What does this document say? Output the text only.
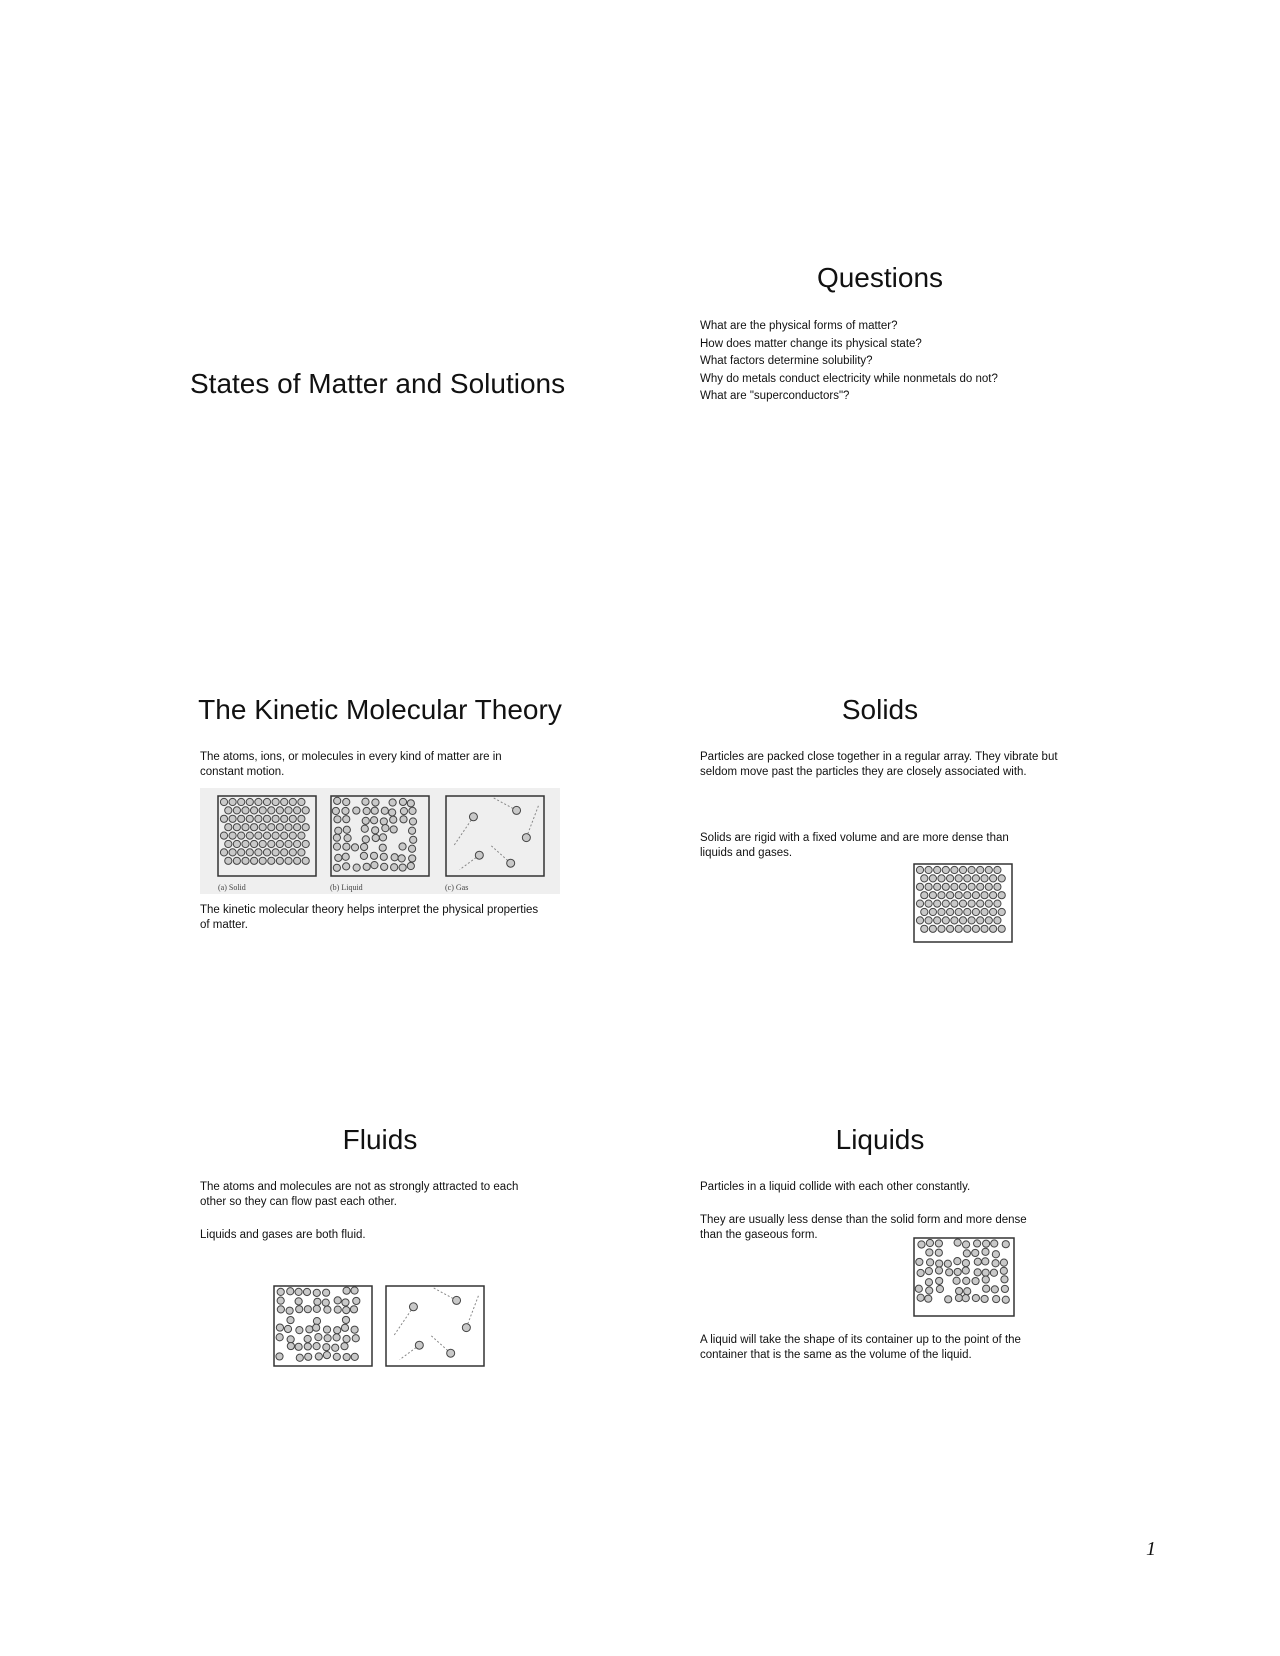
States of Matter and Solutions
Questions
What are the physical forms of matter?
How does matter change its physical state?
What factors determine solubility?
Why do metals conduct electricity while nonmetals do not?
What are "superconductors"?
The Kinetic Molecular Theory

The atoms, ions, or molecules in every kind of matter are in constant motion.

(a) Solid	(b) Liquid	(c) Gas

The kinetic molecular theory helps interpret the physical properties of matter.

Solids

Particles are packed close together in a regular array. They vibrate but seldom move past the particles they are closely associated with.

Solids are rigid with a fixed volume and are more dense than liquids and gases.

Fluids

The atoms and molecules are not as strongly attracted to each other so they can flow past each other.

Liquids and gases are both fluid.

Liquids

Particles in a liquid collide with each other constantly.

They are usually less dense than the solid form and more dense than the gaseous form.

A liquid will take the shape of its container up to the point of the container that is the same as the volume of the liquid.

1
